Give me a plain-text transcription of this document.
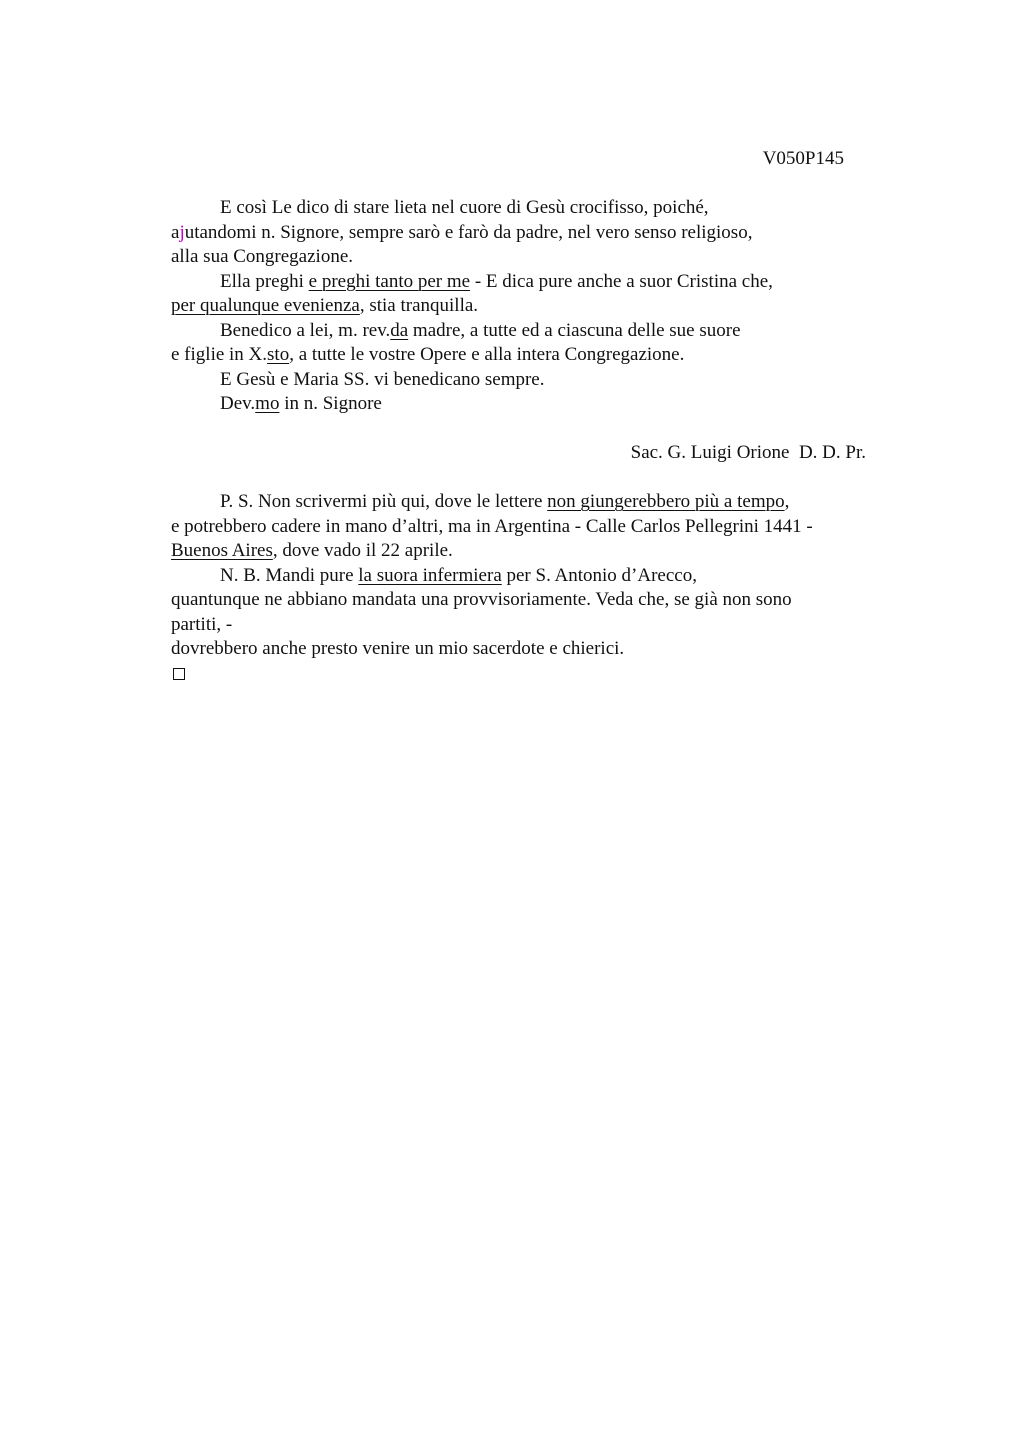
V050P145
E così Le dico di stare lieta nel cuore di Gesù crocifisso, poiché,
ajutandomi n. Signore, sempre sarò e farò da padre, nel vero senso religioso,
alla sua Congregazione.
Ella preghi e preghi tanto per me - E dica pure anche a suor Cristina che,
per qualunque evenienza, stia tranquilla.
Benedico a lei, m. rev.da madre, a tutte ed a ciascuna delle sue suore
e figlie in X.sto, a tutte le vostre Opere e alla intera Congregazione.
E Gesù e Maria SS. vi benedicano sempre.
Dev.mo in n. Signore
Sac. G. Luigi Orione  D. D. Pr.
P. S. Non scrivermi più qui, dove le lettere non giungerebbero più a tempo,
e potrebbero cadere in mano d’altri, ma in Argentina - Calle Carlos Pellegrini 1441 -
Buenos Aires, dove vado il 22 aprile.
N. B. Mandi pure la suora infermiera per S. Antonio d’Arecco,
quantunque ne abbiano mandata una provvisoriamente. Veda che, se già non sono
partiti, -
dovrebbero anche presto venire un mio sacerdote e chierici.
